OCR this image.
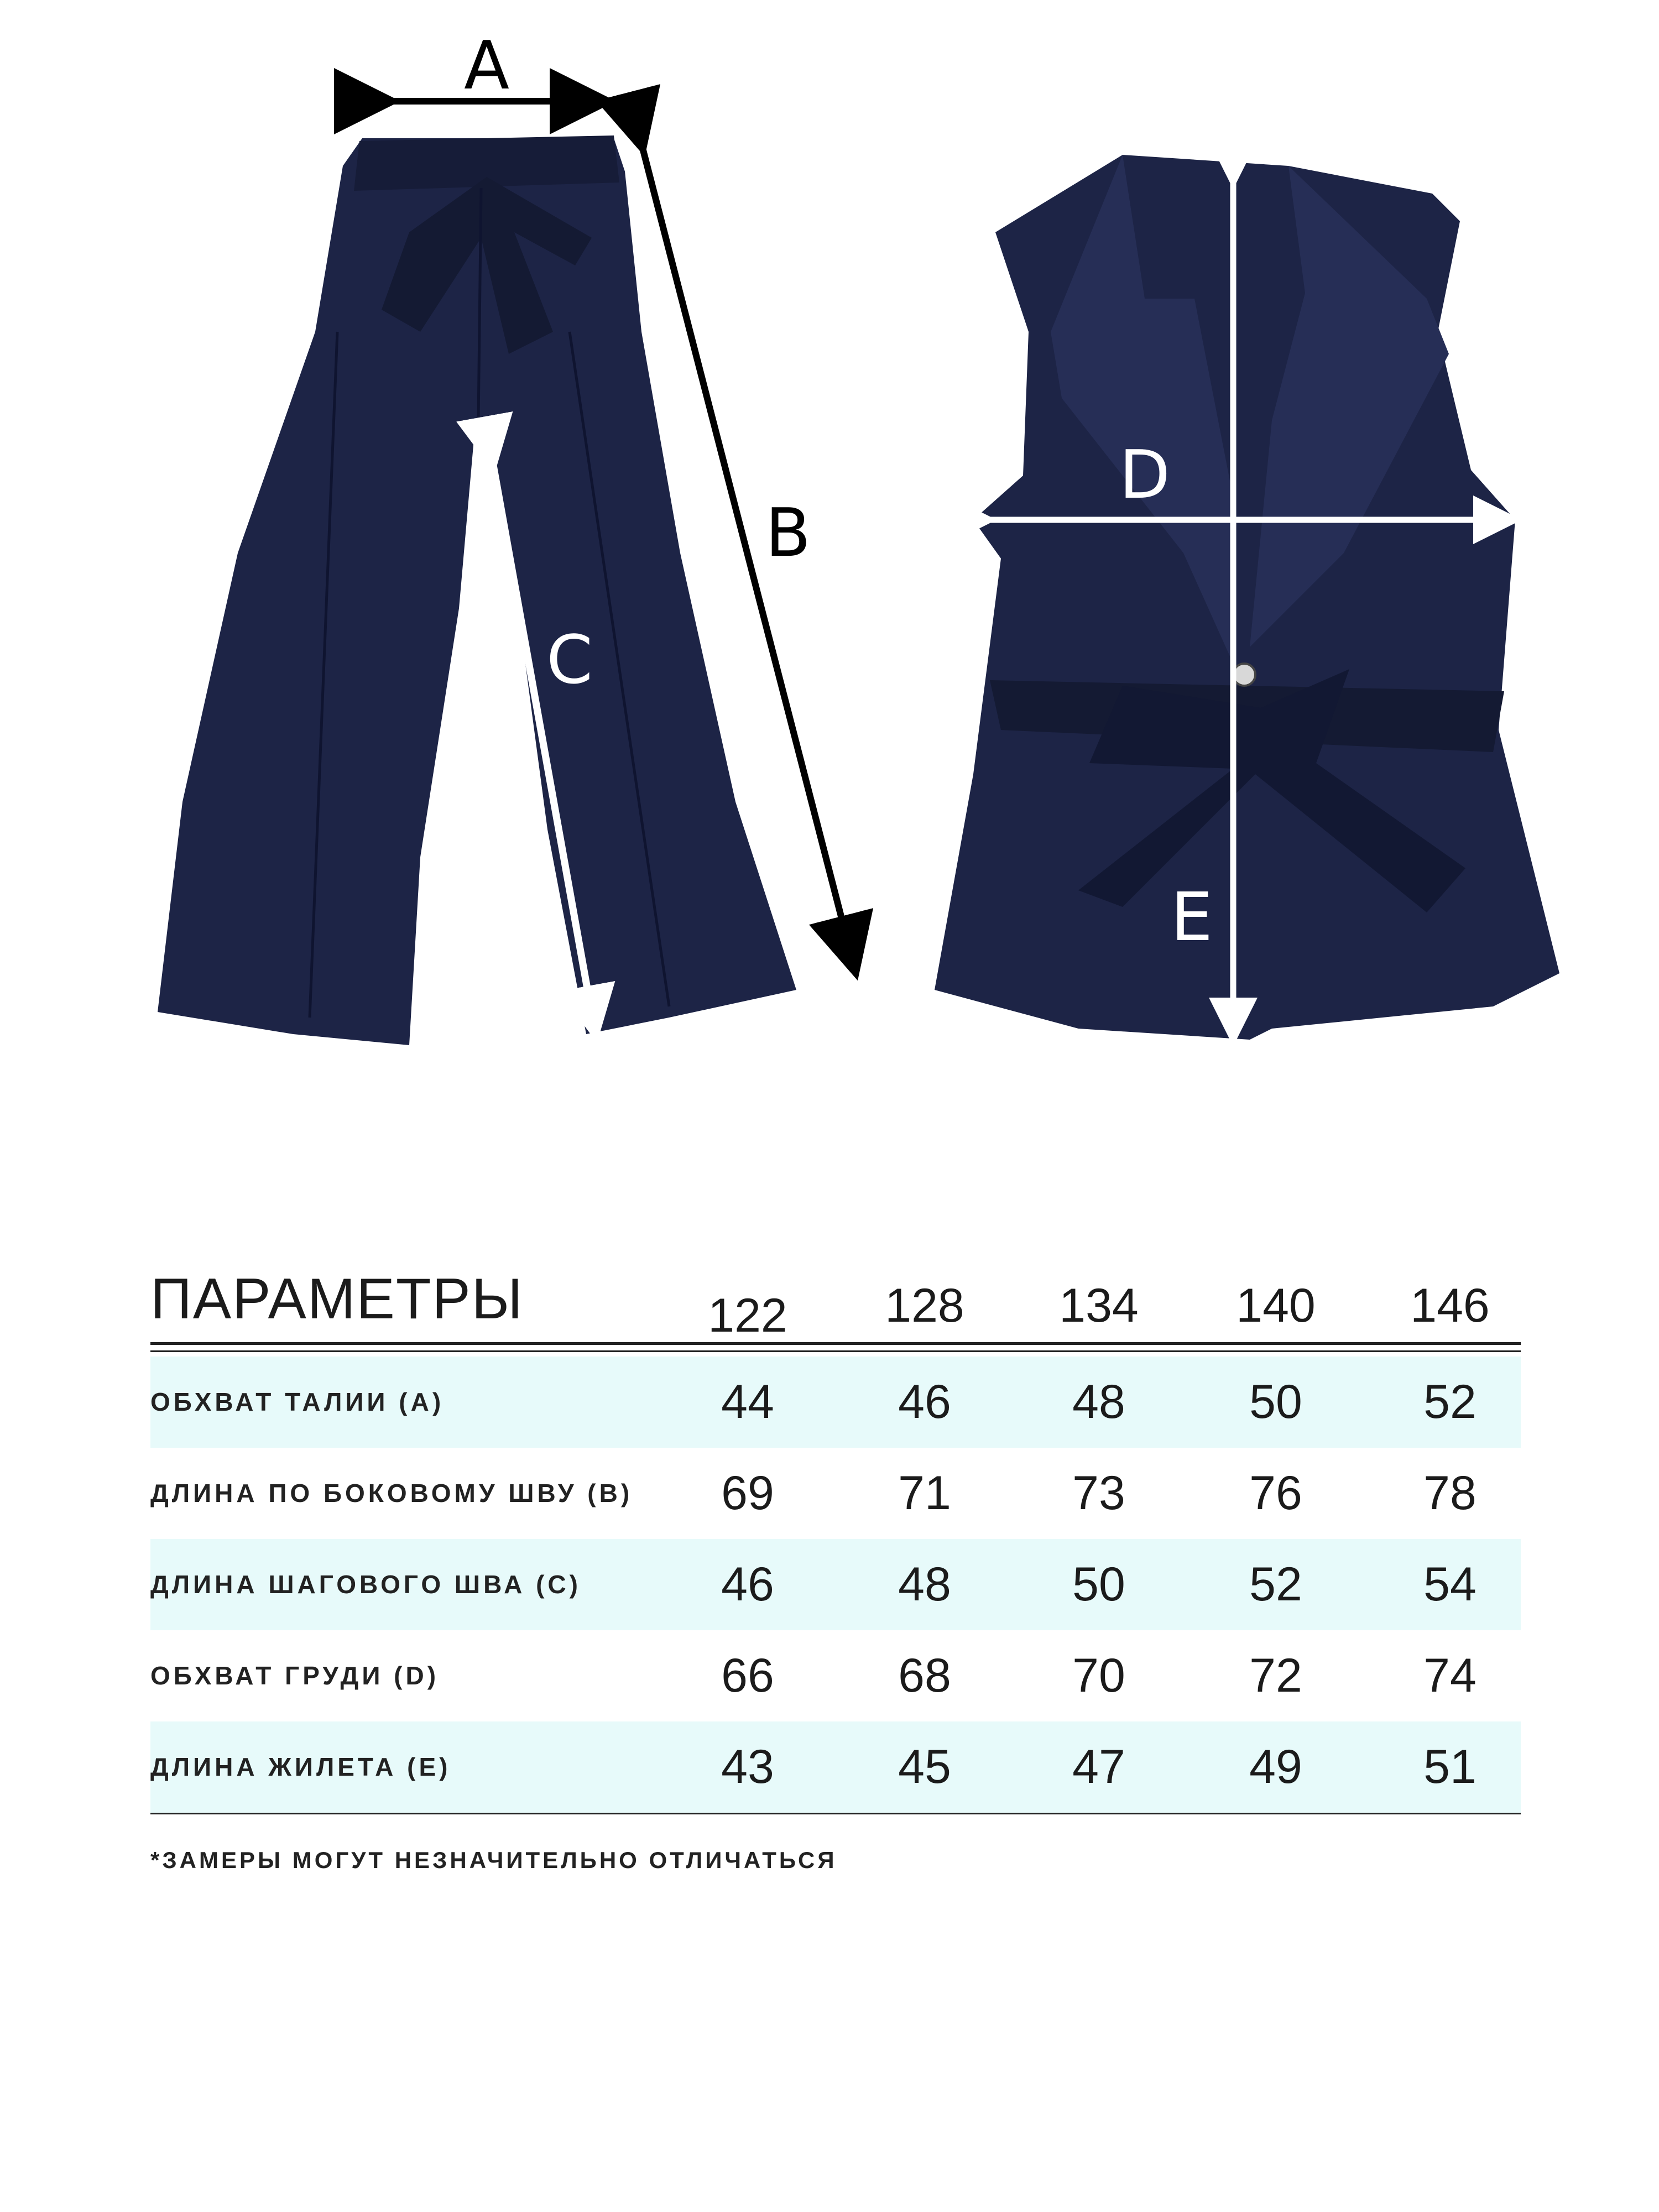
A
B
C
D
E
ПАРАМЕТРЫ	122	128	134	140	146
ОБХВАТ ТАЛИИ (А)	44	46	48	50	52
ДЛИНА ПО БОКОВОМУ ШВУ (В)	69	71	73	76	78
ДЛИНА ШАГОВОГО ШВА (С)	46	48	50	52	54
ОБХВАТ ГРУДИ (D)	66	68	70	72	74
ДЛИНА ЖИЛЕТА (Е)	43	45	47	49	51
*ЗАМЕРЫ МОГУТ НЕЗНАЧИТЕЛЬНО ОТЛИЧАТЬСЯ
